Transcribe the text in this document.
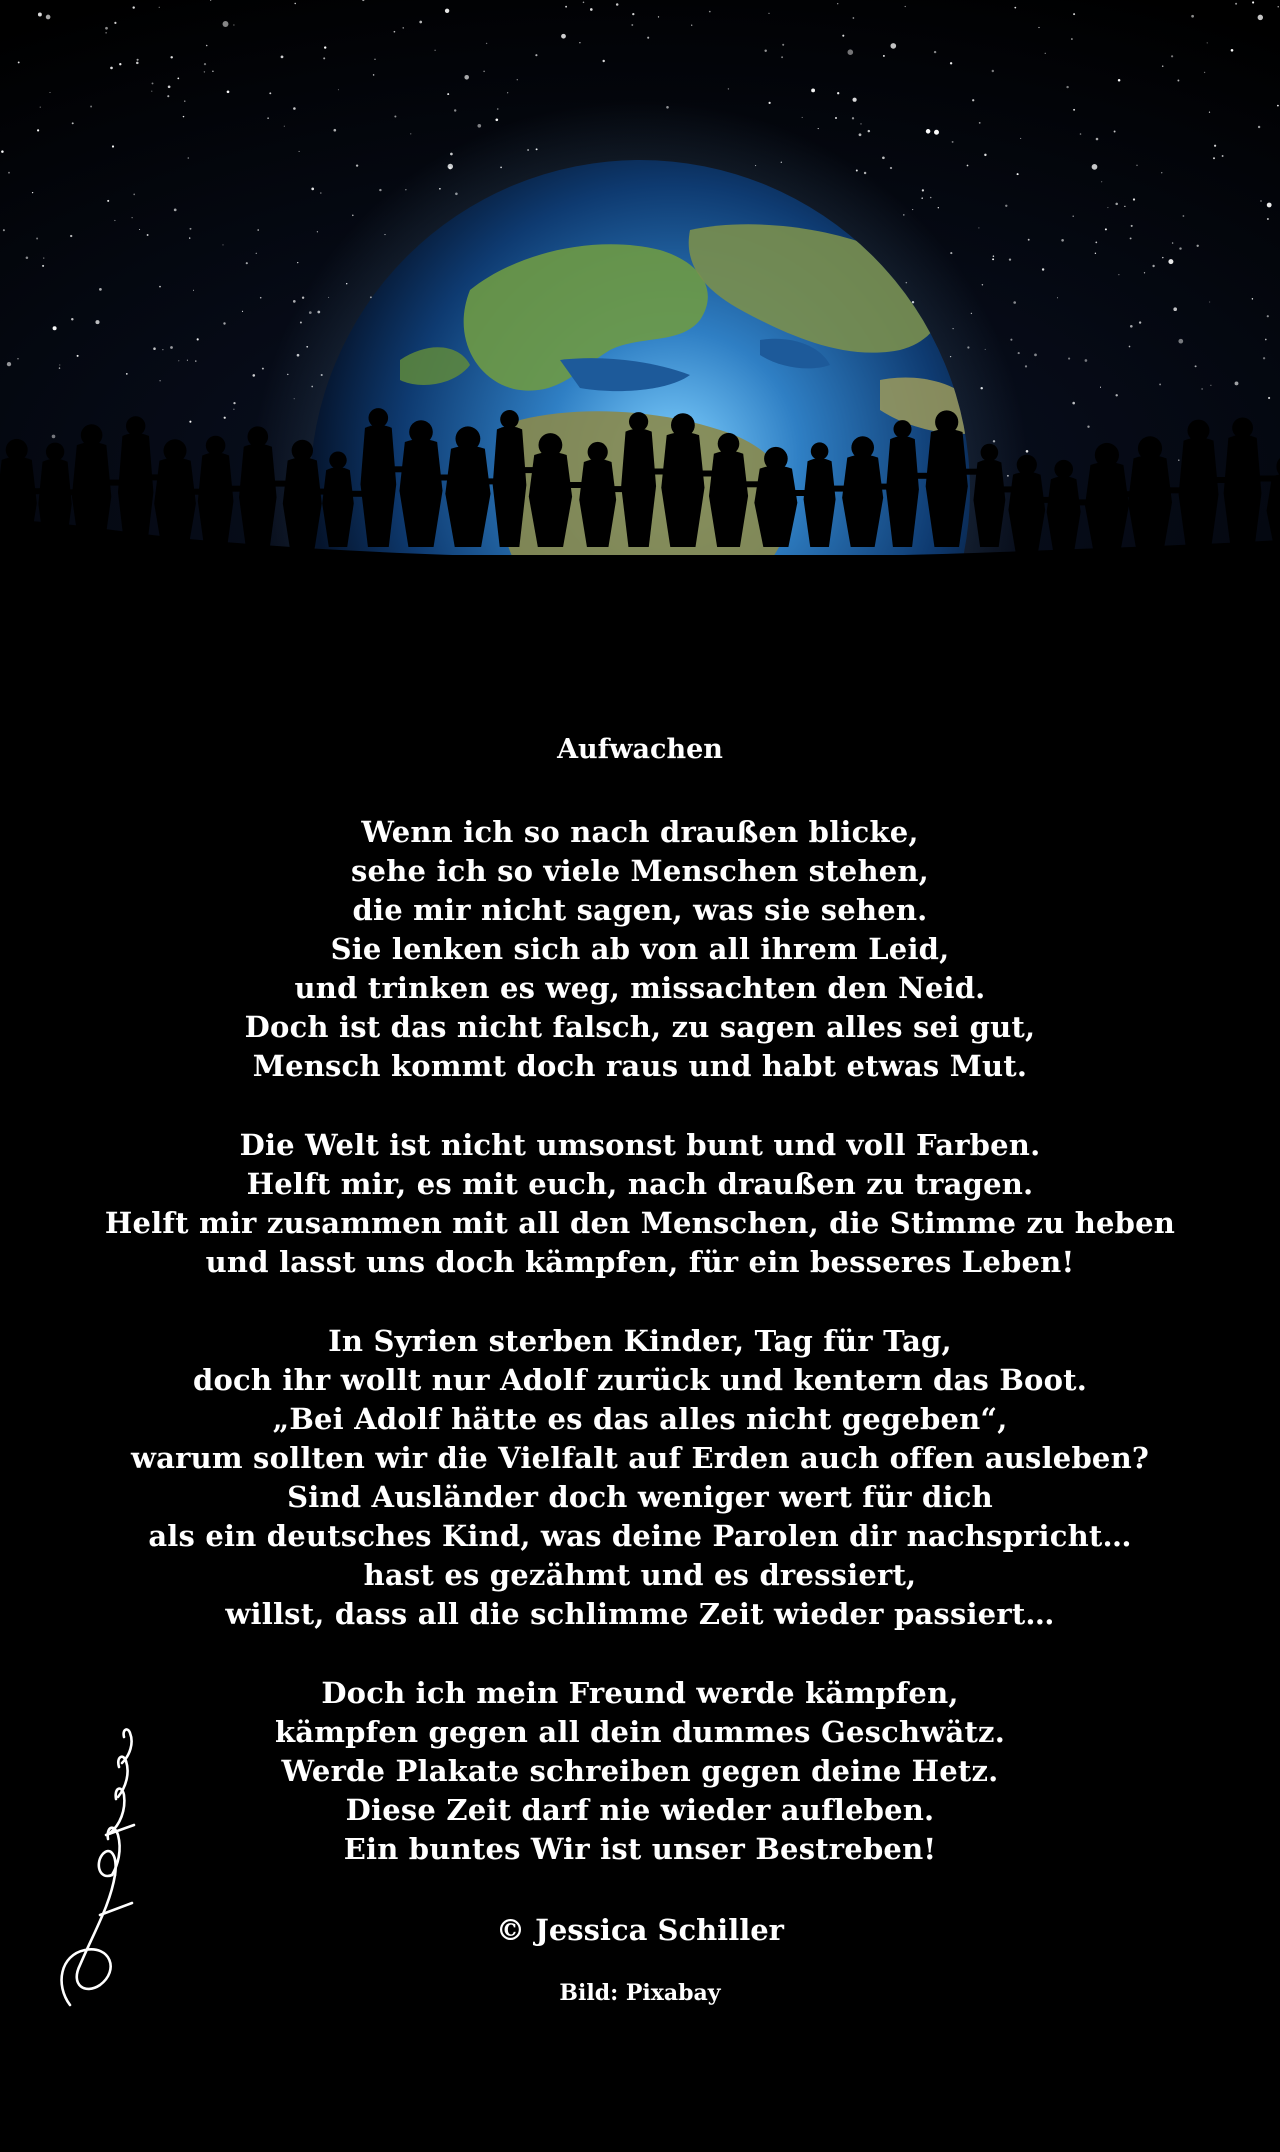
Aufwachen
Wenn ich so nach draußen blicke,
sehe ich so viele Menschen stehen,
die mir nicht sagen, was sie sehen.
Sie lenken sich ab von all ihrem Leid,
und trinken es weg, missachten den Neid.
Doch ist das nicht falsch, zu sagen alles sei gut,
Mensch kommt doch raus und habt etwas Mut.
Die Welt ist nicht umsonst bunt und voll Farben.
Helft mir, es mit euch, nach draußen zu tragen.
Helft mir zusammen mit all den Menschen, die Stimme zu heben
und lasst uns doch kämpfen, für ein besseres Leben!
In Syrien sterben Kinder, Tag für Tag,
doch ihr wollt nur Adolf zurück und kentern das Boot.
„Bei Adolf hätte es das alles nicht gegeben“,
warum sollten wir die Vielfalt auf Erden auch offen ausleben?
Sind Ausländer doch weniger wert für dich
als ein deutsches Kind, was deine Parolen dir nachspricht…
hast es gezähmt und es dressiert,
willst, dass all die schlimme Zeit wieder passiert…
Doch ich mein Freund werde kämpfen,
kämpfen gegen all dein dummes Geschwätz.
Werde Plakate schreiben gegen deine Hetz.
Diese Zeit darf nie wieder aufleben.
Ein buntes Wir ist unser Bestreben!
© Jessica Schiller
Bild: Pixabay
